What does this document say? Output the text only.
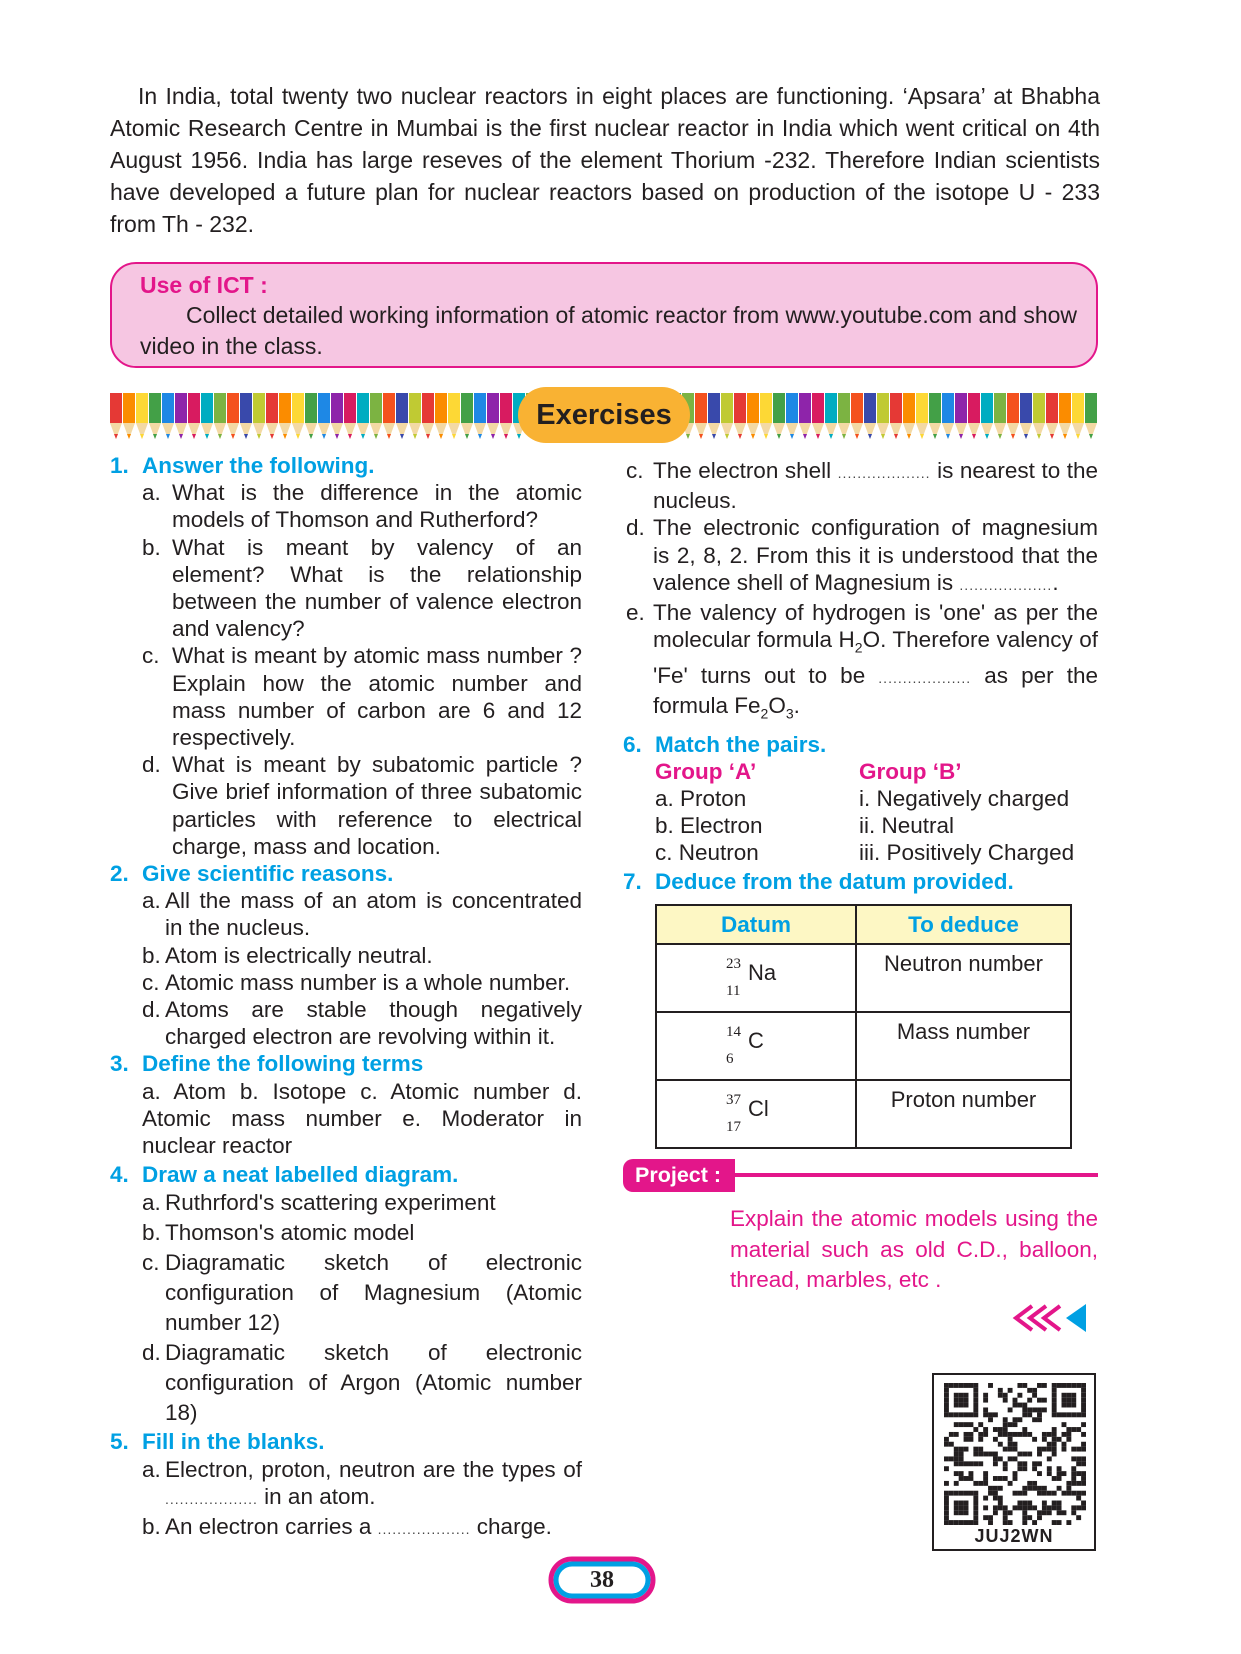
In India, total twenty two nuclear reactors in eight places are functioning. ‘Apsara’ at Bhabha Atomic Research Centre in Mumbai is the first nuclear reactor in India which went critical on 4th August 1956. India has large reseves of the element Thorium -232. Therefore Indian scientists have developed a future plan for nuclear reactors based on production of the isotope U - 233 from Th - 232.
Use of ICT :
Collect detailed working information of atomic reactor from www.youtube.com and show video in the class.
Exercises
1. Answer the following.
a. What is the difference in the atomic models of Thomson and Rutherford?
b. What is meant by valency of an element? What is the relationship between the number of valence electron and valency?
c. What is meant by atomic mass number ? Explain how the atomic number and mass number of carbon are 6 and 12 respectively.
d. What is meant by subatomic particle ? Give brief information of three subatomic particles with reference to electrical charge, mass and location.
2. Give scientific reasons.
a. All the mass of an atom is concentrated in the nucleus.
b. Atom is electrically neutral.
c. Atomic mass number is a whole number.
d. Atoms are stable though negatively charged electron are revolving within it.
3. Define the following terms
a. Atom b. Isotope c. Atomic number d. Atomic mass number e. Moderator in nuclear reactor
4. Draw a neat labelled diagram.
a. Ruthrford's scattering experiment
b. Thomson's atomic model
c. Diagramatic sketch of electronic configuration of Magnesium (Atomic number 12)
d. Diagramatic sketch of electronic configuration of Argon (Atomic number 18)
5. Fill in the blanks.
a. Electron, proton, neutron are the types of ................... in an atom.
b. An electron carries a ................... charge.
c. The electron shell ................... is nearest to the nucleus.
d. The electronic configuration of magnesium is 2, 8, 2. From this it is understood that the valence shell of Magnesium is ....................
e. The valency of hydrogen is 'one' as per the molecular formula $H_2O$. Therefore valency of 'Fe' turns out to be ................... as per the formula $Fe_2O_3$.
6. Match the pairs.
Group ‘A’	Group ‘B’
a. Proton	i. Negatively charged
b. Electron	ii. Neutral
c. Neutron	iii. Positively Charged
7. Deduce from the datum provided.
Datum	To deduce

23 Na
11	Neutron number

14 C
6	Mass number

37 Cl
17	Proton number
Project :
Explain the atomic models using the material such as old C.D., balloon, thread, marbles, etc .
JUJ2WN
38
